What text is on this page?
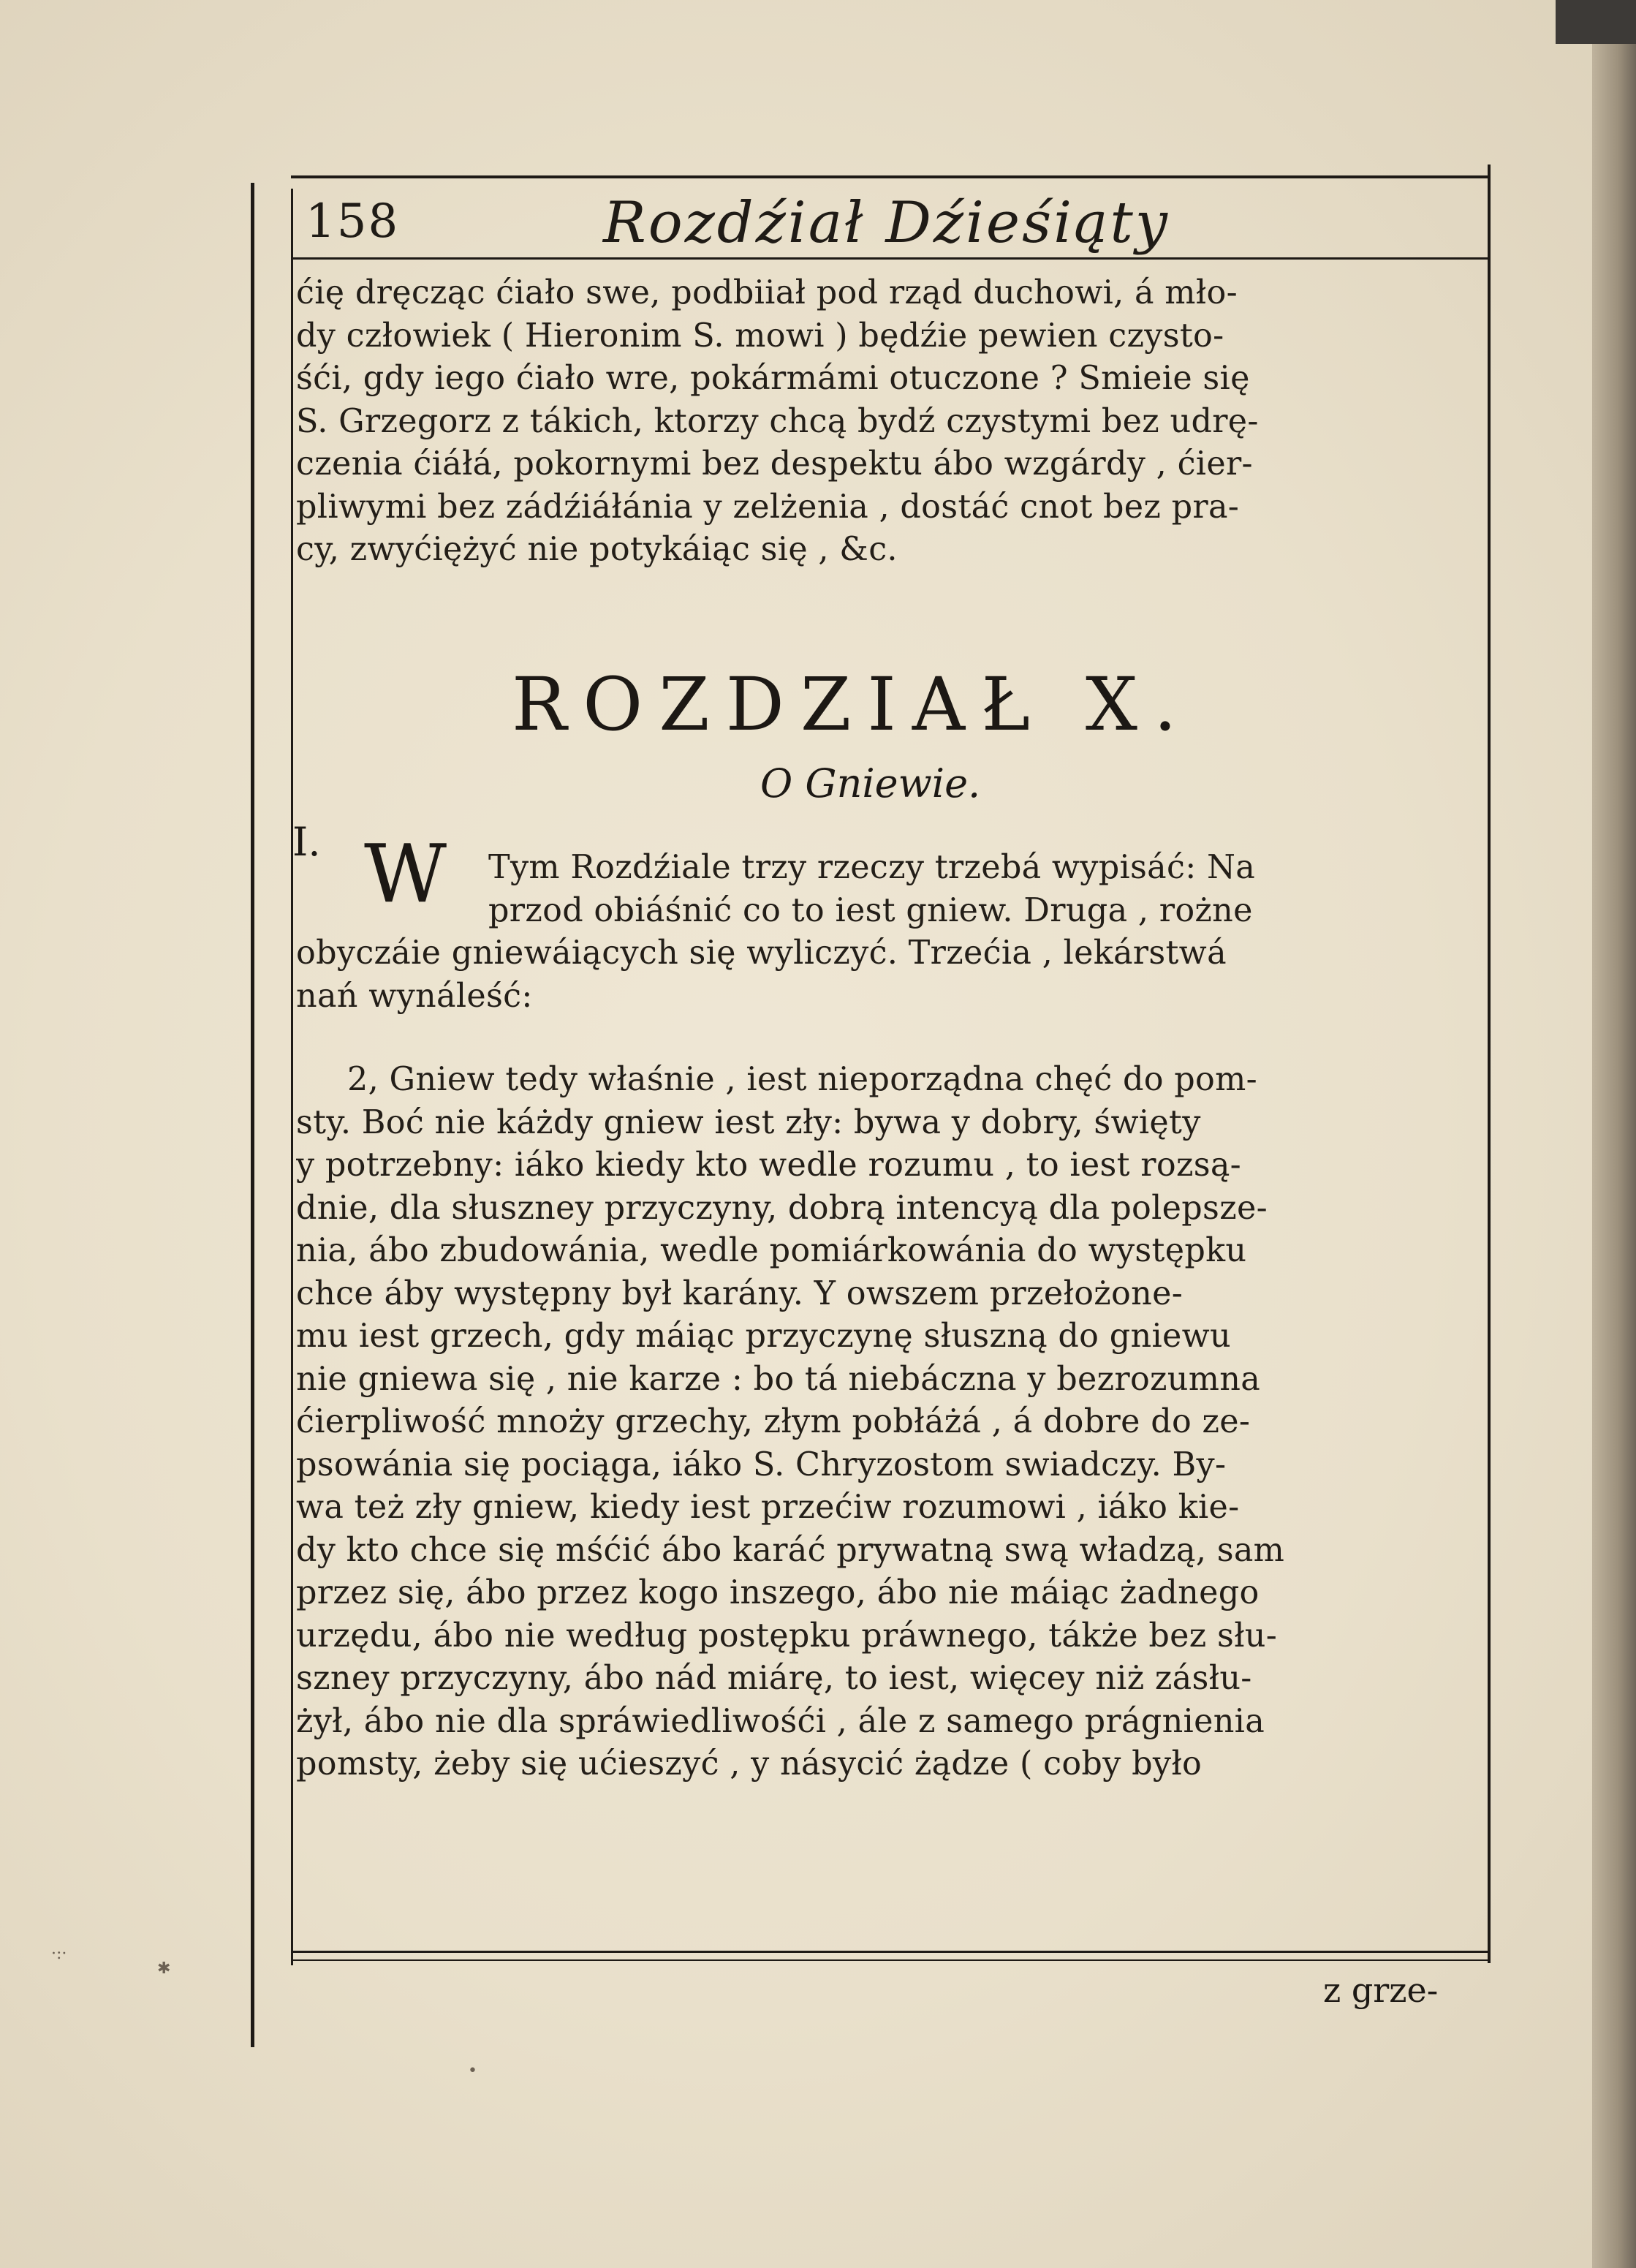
158	Rozdźiał Dźieśiąty
ćię dręcząc ćiało swe, podbiiał pod rząd duchowi, á mło-
dy człowiek ( Hieronim S. mowi ) będźie pewien czysto-
śći, gdy iego ćiało wre, pokármámi otuczone ? Smieie się
S. Grzegorz z tákich, ktorzy chcą bydź czystymi bez udrę-
czenia ćiáłá, pokornymi bez despektu ábo wzgárdy , ćier-
pliwymi bez zádźiáłánia y zelżenia , dostáć cnot bez pra-
cy, zwyćiężyć nie potykáiąc się , &c.
ROZDZIAŁ X.
O Gniewie.
I. W Tym Rozdźiale trzy rzeczy trzebá wypisáć: Na
przod obiáśnić co to iest gniew. Druga , rożne
obyczáie gniewáiących się wyliczyć. Trzećia , lekárstwá
nań wynáleść:
2, Gniew tedy właśnie , iest nieporządna chęć do pom-
sty. Boć nie káżdy gniew iest zły: bywa y dobry, święty
y potrzebny: iáko kiedy kto wedle rozumu , to iest rozsą-
dnie, dla słuszney przyczyny, dobrą intencyą dla polepsze-
nia, ábo zbudowánia, wedle pomiárkowánia do występku
chce áby występny był karány. Y owszem przełożone-
mu iest grzech, gdy máiąc przyczynę słuszną do gniewu
nie gniewa się , nie karze : bo tá niebáczna y bezrozumna
ćierpliwość mnoży grzechy, złym pobłáżá , á dobre do ze-
psowánia się pociąga, iáko S. Chryzostom swiadczy. By-
wa też zły gniew, kiedy iest przećiw rozumowi , iáko kie-
dy kto chce się mśćić ábo karáć prywatną swą władzą, sam
przez się, ábo przez kogo inszego, ábo nie máiąc żadnego
urzędu, ábo nie według postępku práwnego, tákże bez słu-
szney przyczyny, ábo nád miárę, to iest, więcey niż zásłu-
żył, ábo nie dla spráwiedliwośći , ále z samego prágnienia
pomsty, żeby się ućieszyć , y násycić żądze ( coby było
z grze-
·:·
✱
•
